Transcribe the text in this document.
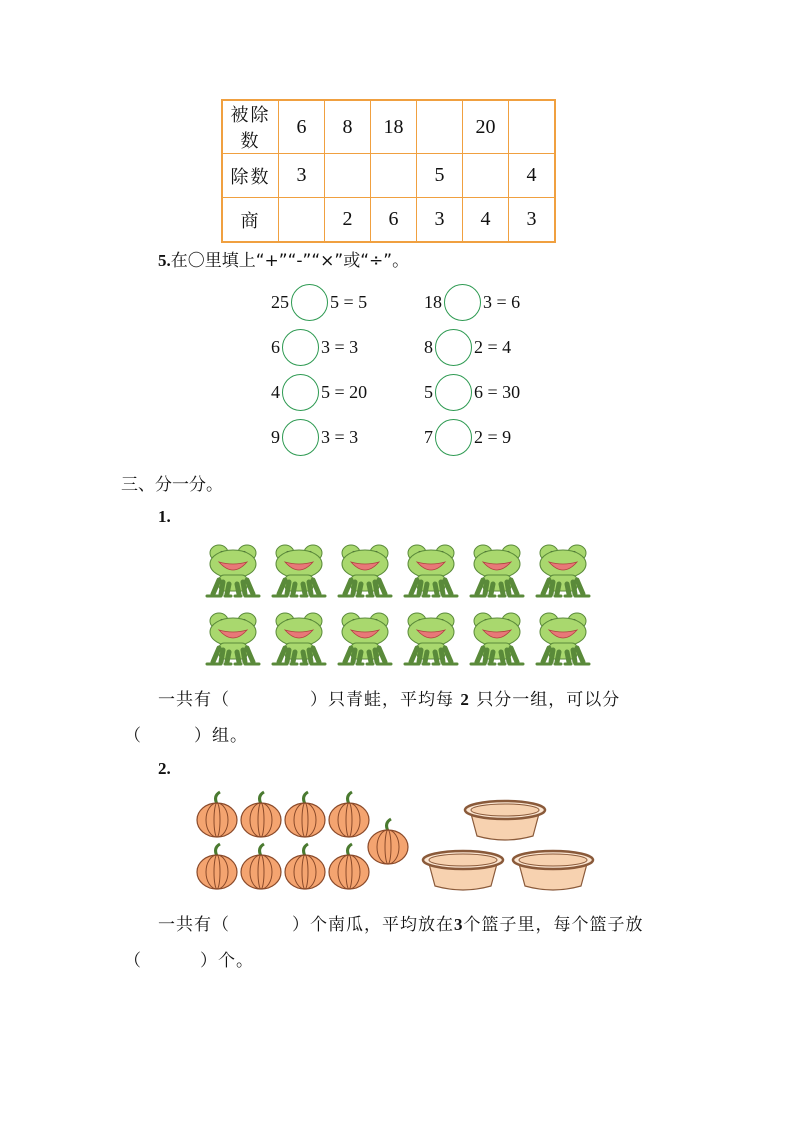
被除数	6	8	18		20	
除数	3			5		4
商		2	6	3	4	3
5.在〇里填上“+”“-”“×”或“÷”。
25 5 = 5	18 3 = 6
6 3 = 3	8 2 = 4
4 5 = 20	5 6 = 30
9 3 = 3	7 2 = 9
三、分一分。
1.
一共有（	）只青蛙，平均每 2 只分一组，可以分
（	）组。
2.
一共有（	）个南瓜，平均放在3个篮子里，每个篮子放
（	）个。
